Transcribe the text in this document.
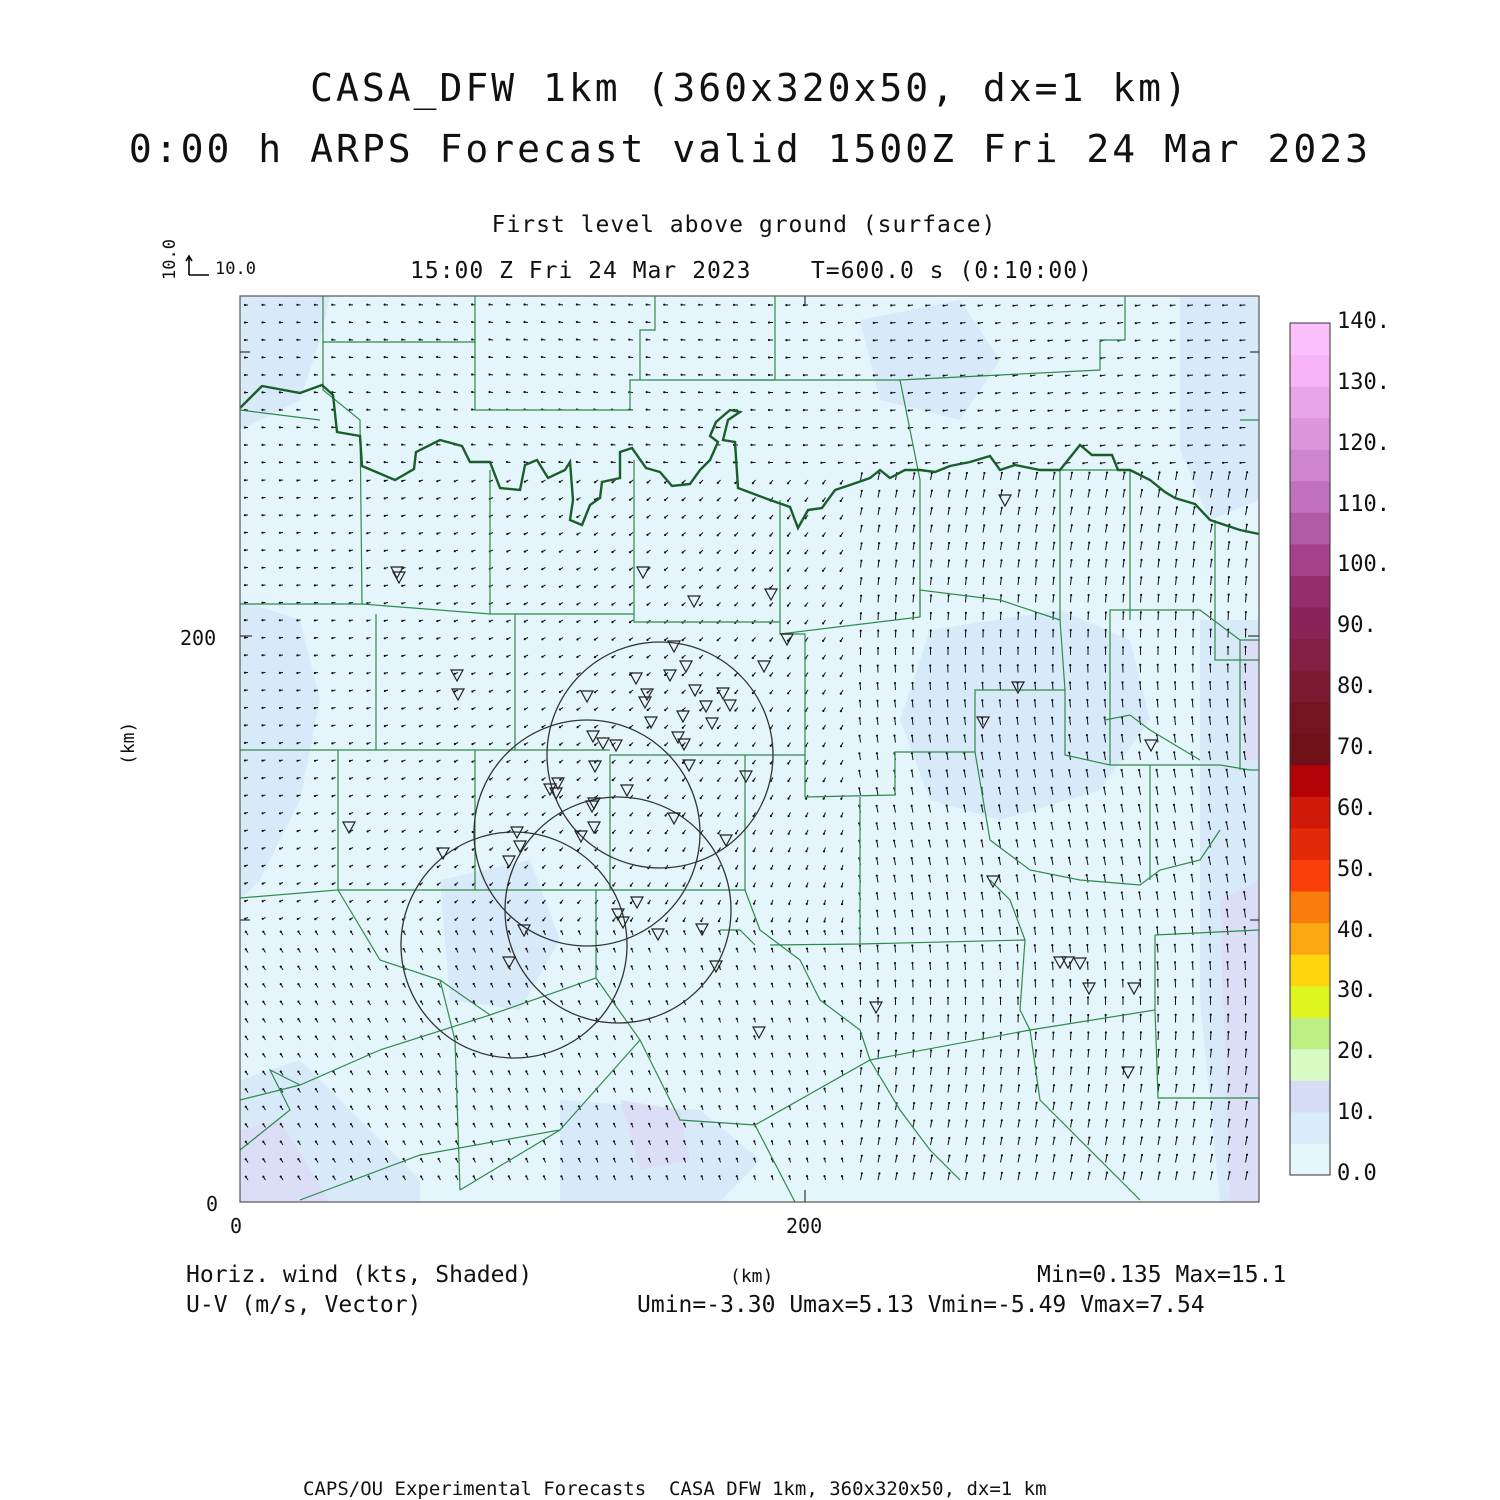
CASA_DFW 1km (360x320x50, dx=1 km)
0:00 h ARPS Forecast valid 1500Z Fri 24 Mar 2023
First level above ground (surface)
15:00 Z Fri 24 Mar 2023    T=600.0 s (0:10:00)
10.0
10.0
(km)
200
0
0	200
(km)
Horiz. wind (kts, Shaded)
U-V (m/s, Vector)
Min=0.135 Max=15.1
Umin=-3.30 Umax=5.13 Vmin=-5.49 Vmax=7.54
CAPS/OU Experimental Forecasts  CASA DFW 1km, 360x320x50, dx=1 km
0.0
10.
20.
30.
40.
50.
60.
70.
80.
90.
100.
110.
120.
130.
140.
